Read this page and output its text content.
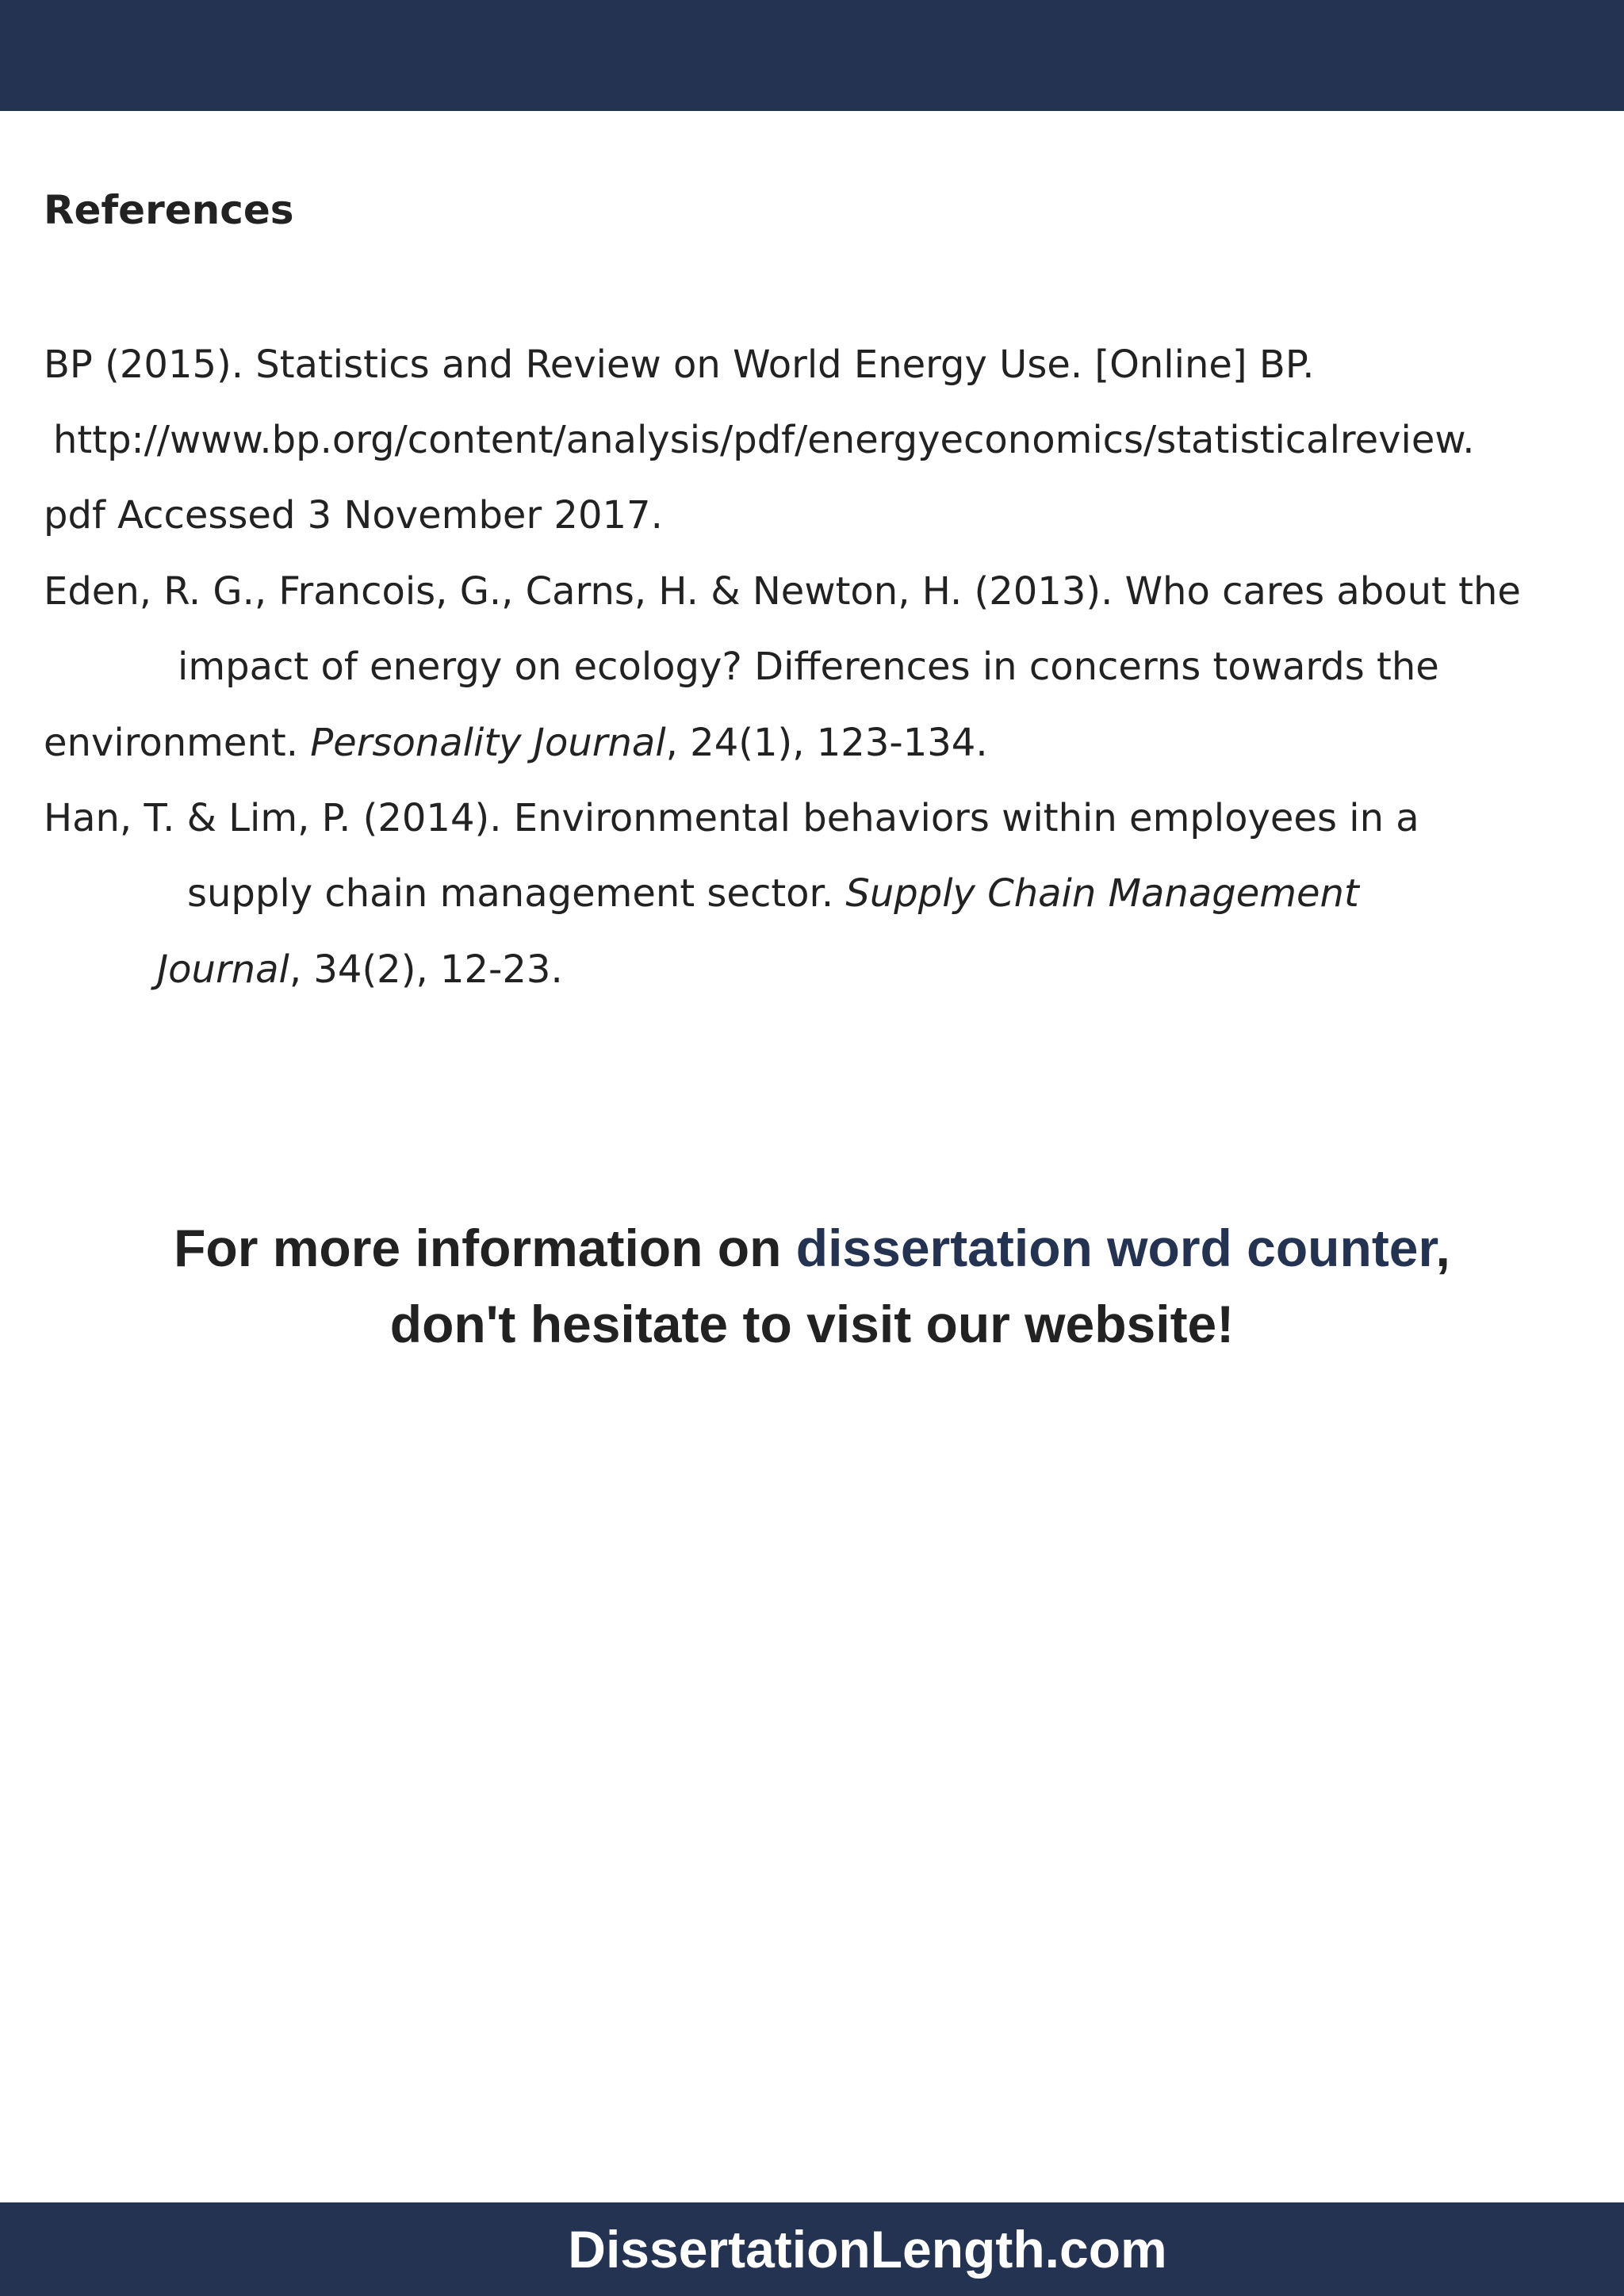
References
BP (2015). Statistics and Review on World Energy Use. [Online] BP.
http://www.bp.org/content/analysis/pdf/energyeconomics/statisticalreview.
pdf Accessed 3 November 2017.
Eden, R. G., Francois, G., Carns, H. & Newton, H. (2013). Who cares about the
impact of energy on ecology? Differences in concerns towards the
environment. Personality Journal, 24(1), 123-134.
Han, T. & Lim, P. (2014). Environmental behaviors within employees in a
supply chain management sector. Supply Chain Management
Journal, 34(2), 12-23.
For more information on dissertation word counter,
don't hesitate to visit our website!
DissertationLength.com
